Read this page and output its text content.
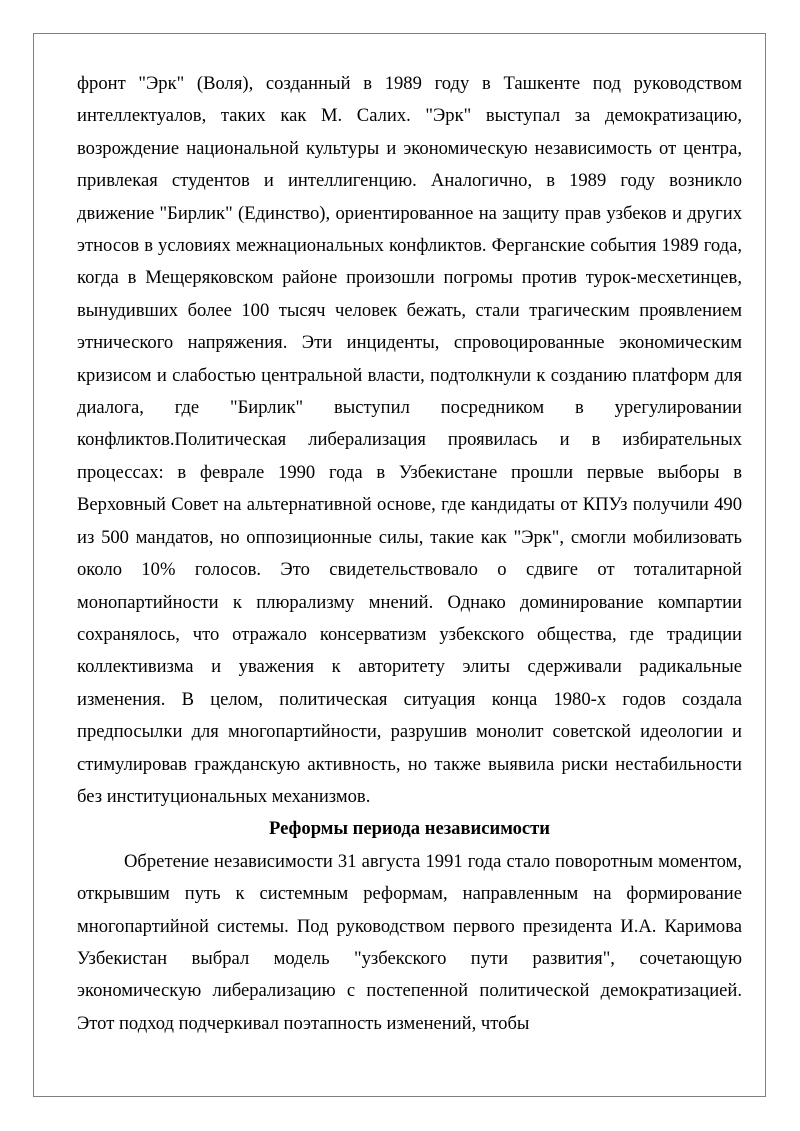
фронт "Эрк" (Воля), созданный в 1989 году в Ташкенте под руководством интеллектуалов, таких как М. Салих. "Эрк" выступал за демократизацию, возрождение национальной культуры и экономическую независимость от центра, привлекая студентов и интеллигенцию. Аналогично, в 1989 году возникло движение "Бирлик" (Единство), ориентированное на защиту прав узбеков и других этносов в условиях межнациональных конфликтов. Ферганские события 1989 года, когда в Мещеряковском районе произошли погромы против турок-месхетинцев, вынудивших более 100 тысяч человек бежать, стали трагическим проявлением этнического напряжения. Эти инциденты, спровоцированные экономическим кризисом и слабостью центральной власти, подтолкнули к созданию платформ для диалога, где "Бирлик" выступил посредником в урегулировании конфликтов.Политическая либерализация проявилась и в избирательных процессах: в феврале 1990 года в Узбекистане прошли первые выборы в Верховный Совет на альтернативной основе, где кандидаты от КПУз получили 490 из 500 мандатов, но оппозиционные силы, такие как "Эрк", смогли мобилизовать около 10% голосов. Это свидетельствовало о сдвиге от тоталитарной монопартийности к плюрализму мнений. Однако доминирование компартии сохранялось, что отражало консерватизм узбекского общества, где традиции коллективизма и уважения к авторитету элиты сдерживали радикальные изменения. В целом, политическая ситуация конца 1980-х годов создала предпосылки для многопартийности, разрушив монолит советской идеологии и стимулировав гражданскую активность, но также выявила риски нестабильности без институциональных механизмов.

Реформы периода независимости

Обретение независимости 31 августа 1991 года стало поворотным моментом, открывшим путь к системным реформам, направленным на формирование многопартийной системы. Под руководством первого президента И.А. Каримова Узбекистан выбрал модель "узбекского пути развития", сочетающую экономическую либерализацию с постепенной политической демократизацией. Этот подход подчеркивал поэтапность изменений, чтобы
